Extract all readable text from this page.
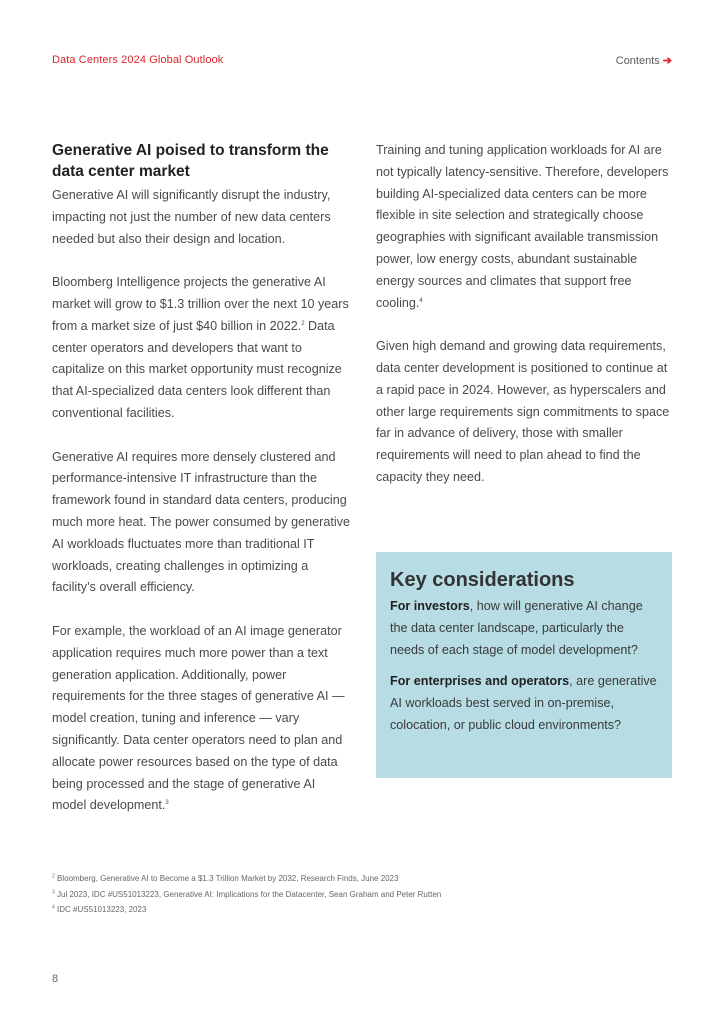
Data Centers 2024 Global Outlook	Contents ➔
Generative AI poised to transform the data center market

Generative AI will significantly disrupt the industry, impacting not just the number of new data centers needed but also their design and location.

Bloomberg Intelligence projects the generative AI market will grow to $1.3 trillion over the next 10 years from a market size of just $40 billion in 2022.$^2$ Data center operators and developers that want to capitalize on this market opportunity must recognize that AI-specialized data centers look different than conventional facilities.

Generative AI requires more densely clustered and performance-intensive IT infrastructure than the framework found in standard data centers, producing much more heat. The power consumed by generative AI workloads fluctuates more than traditional IT workloads, creating challenges in optimizing a facility’s overall efficiency.

For example, the workload of an AI image generator application requires much more power than a text generation application. Additionally, power requirements for the three stages of generative AI — model creation, tuning and inference — vary significantly. Data center operators need to plan and allocate power resources based on the type of data being processed and the stage of generative AI model development.$^3$

Training and tuning application workloads for AI are not typically latency-sensitive. Therefore, developers building AI-specialized data centers can be more flexible in site selection and strategically choose geographies with significant available transmission power, low energy costs, abundant sustainable energy sources and climates that support free cooling.$^4$

Given high demand and growing data requirements, data center development is positioned to continue at a rapid pace in 2024. However, as hyperscalers and other large requirements sign commitments to space far in advance of delivery, those with smaller requirements will need to plan ahead to find the capacity they need.

Key considerations

For investors, how will generative AI change the data center landscape, particularly the needs of each stage of model development?

For enterprises and operators, are generative AI workloads best served in on-premise, colocation, or public cloud environments?

$^2$ Bloomberg, Generative AI to Become a $1.3 Trillion Market by 2032, Research Finds, June 2023
$^3$ Jul 2023, IDC #US51013223, Generative AI: Implications for the Datacenter, Sean Graham and Peter Rutten
$^4$ IDC #US51013223, 2023
8
